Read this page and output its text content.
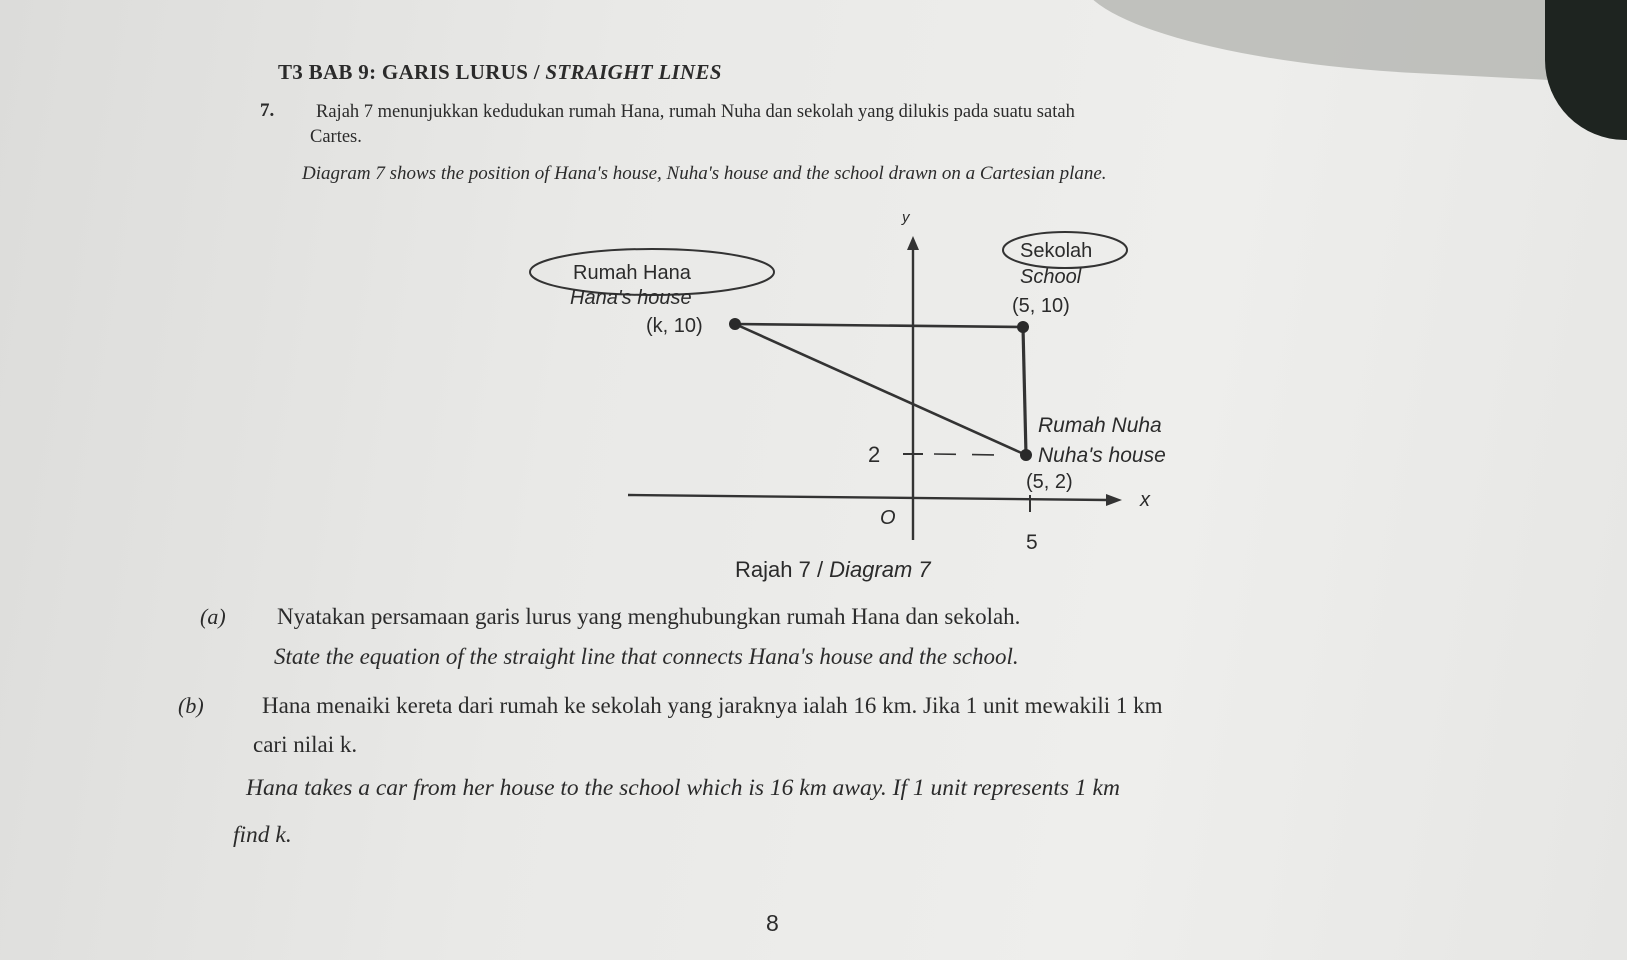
T3 BAB 9: GARIS LURUS / STRAIGHT LINES
7. Rajah 7 menunjukkan kedudukan rumah Hana, rumah Nuha dan sekolah yang dilukis pada suatu satah
Cartes.
Diagram 7 shows the position of Hana's house, Nuha's house and the school drawn on a Cartesian plane.
y
x
O
5
2
Rumah Hana
Hana's house
(k, 10)
Sekolah
School
(5, 10)
Rumah Nuha
Nuha's house
(5, 2)
Rajah 7 / Diagram 7
(a) Nyatakan persamaan garis lurus yang menghubungkan rumah Hana dan sekolah.
State the equation of the straight line that connects Hana's house and the school.
(b)	Hana menaiki kereta dari rumah ke sekolah yang jaraknya ialah 16 km. Jika 1 unit mewakili 1 km
cari nilai k.
Hana takes a car from her house to the school which is 16 km away. If 1 unit represents 1 km
find k.
8
